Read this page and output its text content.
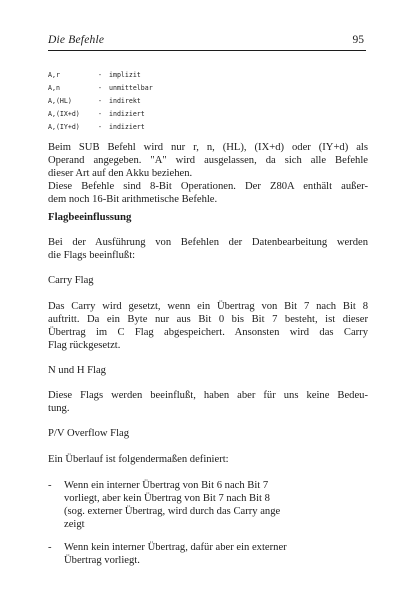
Die Befehle	95
A,r	- implizit
A,n	- unmittelbar
A,(HL)	- indirekt
A,(IX+d)	- indiziert
A,(IY+d)	- indiziert
Beim SUB Befehl wird nur r, n, (HL), (IX+d) oder (IY+d) als
Operand angegeben. "A" wird ausgelassen, da sich alle Befehle
dieser Art auf den Akku beziehen.
Diese Befehle sind 8-Bit Operationen. Der Z80A enthält außer-
dem noch 16-Bit arithmetische Befehle.
Flagbeeinflussung
Bei der Ausführung von Befehlen der Datenbearbeitung werden
die Flags beeinflußt:
Carry Flag
Das Carry wird gesetzt, wenn ein Übertrag von Bit 7 nach Bit 8
auftritt. Da ein Byte nur aus Bit 0 bis Bit 7 besteht, ist dieser
Übertrag im C Flag abgespeichert. Ansonsten wird das Carry
Flag rückgesetzt.
N und H Flag
Diese Flags werden beeinflußt, haben aber für uns keine Bedeu-
tung.
P/V Overflow Flag
Ein Überlauf ist folgendermaßen definiert:
- Wenn ein interner Übertrag von Bit 6 nach Bit 7
vorliegt, aber kein Übertrag von Bit 7 nach Bit 8
(sog. externer Übertrag, wird durch das Carry ange
zeigt
- Wenn kein interner Übertrag, dafür aber ein externer
Übertrag vorliegt.
